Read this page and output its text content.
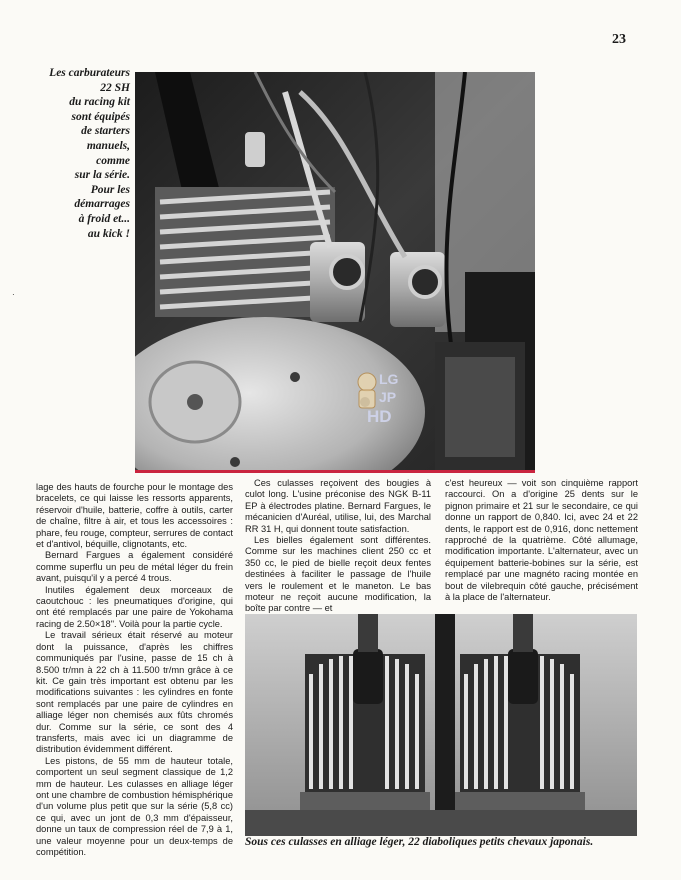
23
·
Les carburateurs
22 SH
du racing kit
sont équipés
de starters
manuels,
comme
sur la série.
Pour les
démarrages
à froid et...
au kick !
LG
JP
HD

lage des hauts de fourche pour le montage des bracelets, ce qui laisse les ressorts apparents, réservoir d'huile, batterie, coffre à outils, carter de chaîne, filtre à air, et tous les accessoires : phare, feu rouge, compteur, serrures de contact et d'antivol, béquille, clignotants, etc.

Bernard Fargues a également considéré comme superflu un peu de métal léger du frein avant, puisqu'il y a percé 4 trous.

Inutiles également deux morceaux de caoutchouc : les pneumatiques d'origine, qui ont été remplacés par une paire de Yokohama racing de 2.50×18". Voilà pour la partie cycle.

Le travail sérieux était réservé au moteur dont la puissance, d'après les chiffres communiqués par l'usine, passe de 15 ch à 8.500 tr/mn à 22 ch à 11.500 tr/mn grâce à ce kit. Ce gain très important est obtenu par les modifications suivantes : les cylindres en fonte sont remplacés par une paire de cylindres en alliage léger non chemisés aux fûts chromés dur. Comme sur la série, ce sont des 4 transferts, mais avec ici un diagramme de distribution évidemment différent.

Les pistons, de 55 mm de hauteur totale, comportent un seul segment classique de 1,2 mm de hauteur. Les culasses en alliage léger ont une chambre de combustion hémisphérique d'un volume plus petit que sur la série (5,8 cc) ce qui, avec un jont de 0,3 mm d'épaisseur, donne un taux de compression réel de 7,9 à 1, une valeur moyenne pour un deux-temps de compétition.

Ces culasses reçoivent des bougies à culot long. L'usine préconise des NGK B-11 EP à électrodes platine. Bernard Fargues, le mécanicien d'Auréal, utilise, lui, des Marchal RR 31 H, qui donnent toute satisfaction.

Les bielles également sont différentes. Comme sur les machines client 250 cc et 350 cc, le pied de bielle reçoit deux fentes destinées à faciliter le passage de l'huile vers le roulement et le maneton. Le bas moteur ne reçoit aucune modification, la boîte par contre — et

c'est heureux — voit son cinquième rapport raccourci. On a d'origine 25 dents sur le pignon primaire et 21 sur le secondaire, ce qui donne un rapport de 0,840. Ici, avec 24 et 22 dents, le rapport est de 0,916, donc nettement rapproché de la quatrième. Côté allumage, modification importante. L'alternateur, avec un équipement batterie-bobines sur la série, est remplacé par une magnéto racing montée en bout de vilebrequin côté gauche, précisément à la place de l'alternateur.

Sous ces culasses en alliage léger, 22 diaboliques petits chevaux japonais.
